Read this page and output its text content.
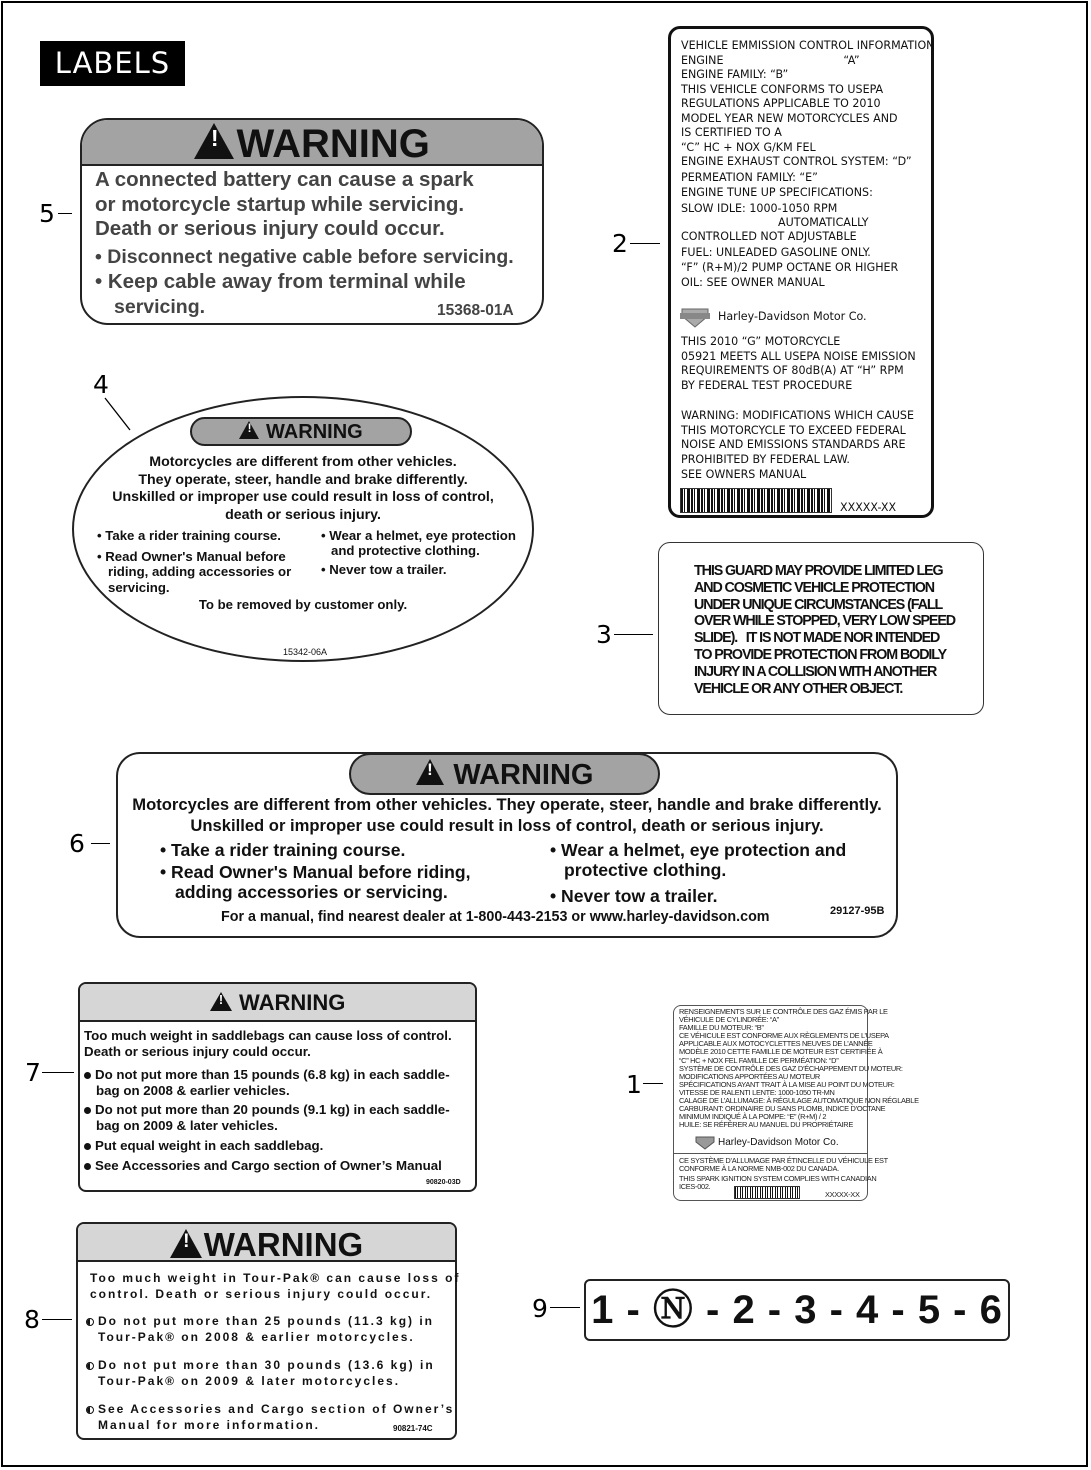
LABELS
5
2
4
3
6
7	1
8	9
!WARNING
A connected battery can cause a spark
or motorcycle startup while servicing.
Death or serious injury could occur.
• Disconnect negative cable before servicing.
• Keep cable away from terminal while
servicing.	15368-01A
! WARNING
Motorcycles are different from other vehicles.
They operate, steer, handle and brake differently.
Unskilled or improper use could result in loss of control,
death or serious injury.
• Take a rider training course.
• Read Owner's Manual before
riding, adding accessories or
servicing.
• Wear a helmet, eye protection
and protective clothing.
• Never tow a trailer.
To be removed by customer only.
15342-06A
VEHICLE EMMISSION CONTROL INFORMATION
ENGINE                                  “A”
ENGINE FAMILY: “B”
THIS VEHICLE CONFORMS TO USEPA
REGULATIONS APPLICABLE TO 2010
MODEL YEAR NEW MOTORCYCLES AND
IS CERTIFIED TO A
“C” HC + NOX G/KM FEL
ENGINE EXHAUST CONTROL SYSTEM: “D”
PERMEATION FAMILY: “E”
ENGINE TUNE UP SPECIFICATIONS:
SLOW IDLE: 1000-1050 RPM
AUTOMATICALLY
CONTROLLED NOT ADJUSTABLE
FUEL: UNLEADED GASOLINE ONLY.
“F” (R+M)/2 PUMP OCTANE OR HIGHER
OIL: SEE OWNER MANUAL
Harley-Davidson Motor Co.
THIS 2010 “G” MOTORCYCLE
05921 MEETS ALL USEPA NOISE EMISSION
REQUIREMENTS OF 80dB(A) AT “H” RPM
BY FEDERAL TEST PROCEDURE
WARNING: MODIFICATIONS WHICH CAUSE
THIS MOTORCYCLE TO EXCEED FEDERAL
NOISE AND EMISSIONS STANDARDS ARE
PROHIBITED BY FEDERAL LAW.
SEE OWNERS MANUAL
XXXXX-XX
THIS GUARD MAY PROVIDE LIMITED LEG
AND COSMETIC VEHICLE PROTECTION
UNDER UNIQUE CIRCUMSTANCES (FALL
OVER WHILE STOPPED, VERY LOW SPEED
SLIDE).   IT IS NOT MADE NOR INTENDED
TO PROVIDE PROTECTION FROM BODILY
INJURY IN A COLLISION WITH ANOTHER
VEHICLE OR ANY OTHER OBJECT.
! WARNING
Motorcycles are different from other vehicles. They operate, steer, handle and brake differently.
Unskilled or improper use could result in loss of control, death or serious injury.
• Take a rider training course.
• Read Owner's Manual before riding,
adding accessories or servicing.
• Wear a helmet, eye protection and
protective clothing.
• Never tow a trailer.
For a manual, find nearest dealer at 1-800-443-2153 or www.harley-davidson.com	29127-95B
! WARNING
Too much weight in saddlebags can cause loss of control.
Death or serious injury could occur.
Do not put more than 15 pounds (6.8 kg) in each saddle-
bag on 2008 & earlier vehicles.
Do not put more than 20 pounds (9.1 kg) in each saddle-
bag on 2009 & later vehicles.
Put equal weight in each saddlebag.
See Accessories and Cargo section of Owner’s Manual
90820-03D
RENSEIGNEMENTS SUR LE CONTRÔLE DES GAZ ÉMIS PAR LE
VÉHICULE DE CYLINDRÉE: “A”
FAMILLE DU MOTEUR: “B”
CE VÉHICULE EST CONFORME AUX RÈGLEMENTS DE L’USEPA
APPLICABLE AUX MOTOCYCLETTES NEUVES DE L’ANNÉE
MODÈLE 2010 CETTE FAMILLE DE MOTEUR EST CERTIFIÉE À
“C” HC + NOX FEL FAMILLE DE PERMÉATION: “D”
SYSTÈME DE CONTRÔLE DES GAZ D’ÉCHAPPEMENT DU MOTEUR:
MODIFICATIONS APPORTÉES AU MOTEUR
SPÉCIFICATIONS AYANT TRAIT À LA MISE AU POINT DU MOTEUR:
VITESSE DE RALENTI LENTE: 1000-1050 TR-MN
CALAGE DE L’ALLUMAGE: À RÉGULAGE AUTOMATIQUE NON RÉGLABLE
CARBURANT: ORDINAIRE DU SANS PLOMB, INDICE D’OCTANE
MINIMUM INDIQUÉ À LA POMPE: “E” (R+M) / 2
HUILE: SE RÉFÉRER AU MANUEL DU PROPRIÉTAIRE
Harley-Davidson Motor Co.
CE SYSTÈME D’ALLUMAGE PAR ÉTINCELLE DU VÉHICULE EST
CONFORME À LA NORME NMB-002 DU CANADA.
THIS SPARK IGNITION SYSTEM COMPLIES WITH CANADIAN
ICES-002.
XXXXX-XX
!WARNING
Too much weight in Tour-Pak® can cause loss of
control. Death or serious injury could occur.
Do not put more than 25 pounds (11.3 kg) in
Tour-Pak® on 2008 & earlier motorcycles.
Do not put more than 30 pounds (13.6 kg) in
Tour-Pak® on 2009 & later motorcycles.
See Accessories and Cargo section of Owner’s
Manual for more information.	90821-74C
1 - Ⓝ - 2 - 3 - 4 - 5 - 6
